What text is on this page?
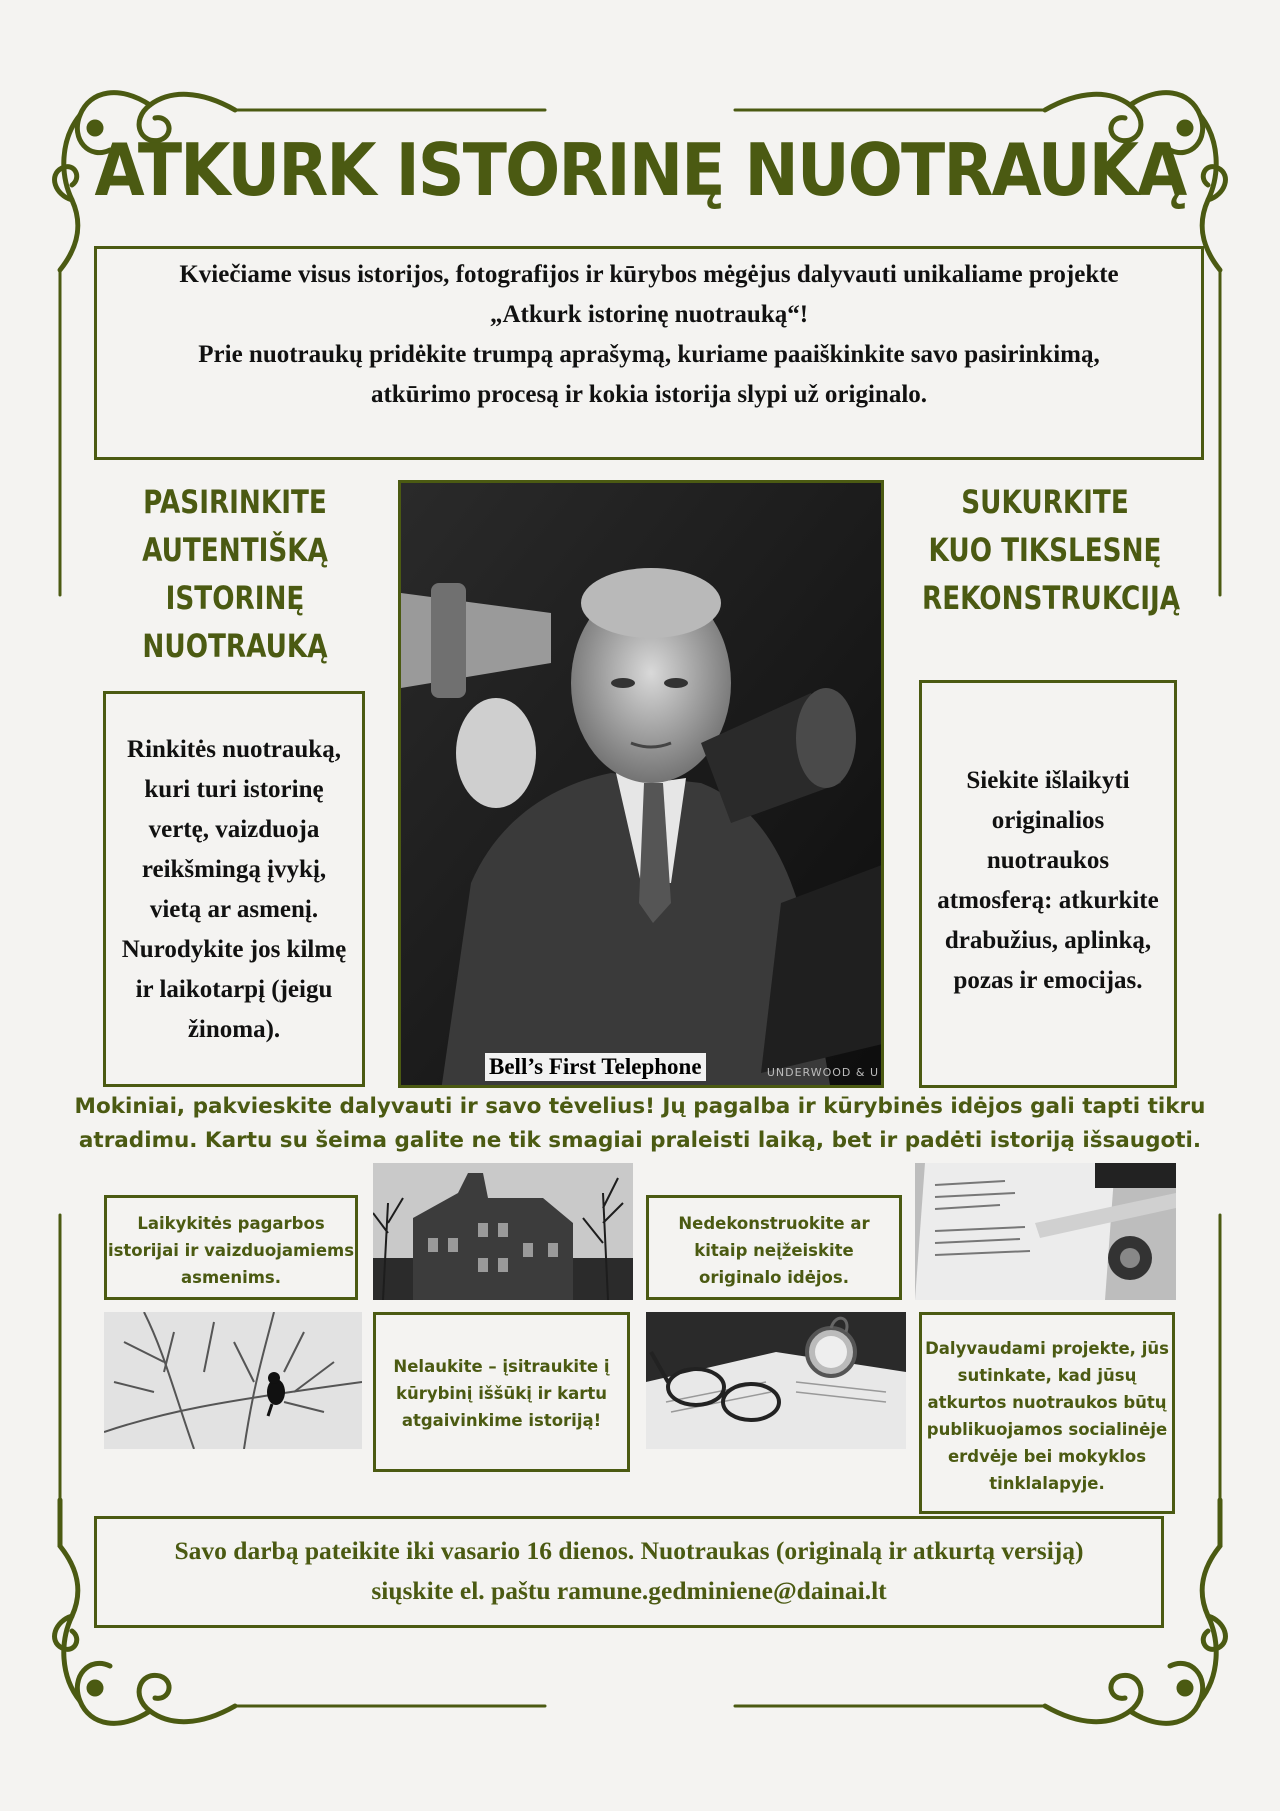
ATKURK ISTORINĘ NUOTRAUKĄ
Kviečiame visus istorijos, fotografijos ir kūrybos mėgėjus dalyvauti unikaliame projekte
„Atkurk istorinę nuotrauką“!
Prie nuotraukų pridėkite trumpą aprašymą, kuriame paaiškinkite savo pasirinkimą,
atkūrimo procesą ir kokia istorija slypi už originalo.
PASIRINKITE
AUTENTIŠKĄ
ISTORINĘ
NUOTRAUKĄ
SUKURKITE
KUO TIKSLESNĘ
REKONSTRUKCIJĄ
Bell’s First Telephone	UNDERWOOD & U
Rinkitės nuotrauką,
kuri turi istorinę
vertę, vaizduoja
reikšmingą įvykį,
vietą ar asmenį.
Nurodykite jos kilmę
ir laikotarpį (jeigu
žinoma).
Siekite išlaikyti
originalios
nuotraukos
atmosferą: atkurkite
drabužius, aplinką,
pozas ir emocijas.
Mokiniai, pakvieskite dalyvauti ir savo tėvelius! Jų pagalba ir kūrybinės idėjos gali tapti tikru
atradimu. Kartu su šeima galite ne tik smagiai praleisti laiką, bet ir padėti istoriją išsaugoti.
Laikykitės pagarbos
istorijai ir vaizduojamiems
asmenims.
Nedekonstruokite ar
kitaip neįžeiskite
originalo idėjos.
Nelaukite – įsitraukite į
kūrybinį iššūkį ir kartu
atgaivinkime istoriją!
Dalyvaudami projekte, jūs
sutinkate, kad jūsų
atkurtos nuotraukos būtų
publikuojamos socialinėje
erdvėje bei mokyklos
tinklalapyje.
Savo darbą pateikite iki vasario 16 dienos. Nuotraukas (originalą ir atkurtą versiją)
siųskite el. paštu ramune.gedminiene@dainai.lt
